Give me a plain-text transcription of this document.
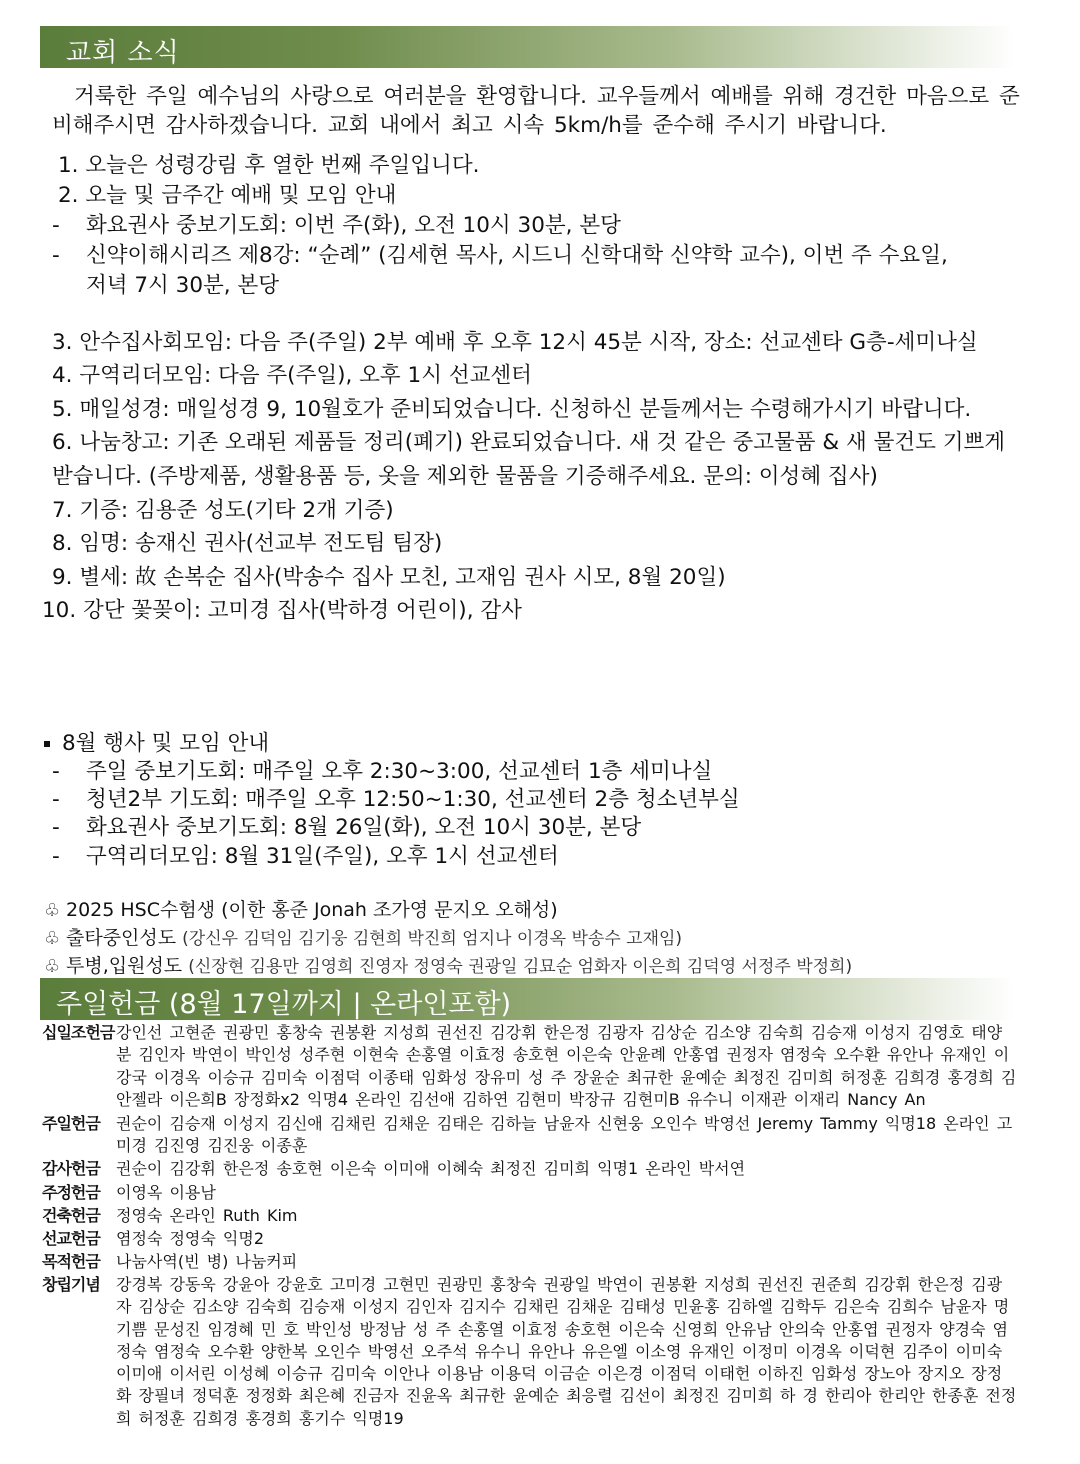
교회 소식
거룩한 주일 예수님의 사랑으로 여러분을 환영합니다. 교우들께서 예배를 위해 경건한 마음으로 준비해주시면 감사하겠습니다. 교회 내에서 최고 시속 5km/h를 준수해 주시기 바랍니다.
1. 오늘은 성령강림 후 열한 번째 주일입니다.
2. 오늘 및 금주간 예배 및 모임 안내
- 화요권사 중보기도회: 이번 주(화), 오전 10시 30분, 본당
- 신약이해시리즈 제8강: “순례” (김세현 목사, 시드니 신학대학 신약학 교수), 이번 주 수요일,
저녁 7시 30분, 본당
3. 안수집사회모임: 다음 주(주일) 2부 예배 후 오후 12시 45분 시작, 장소: 선교센타 G층-세미나실
4. 구역리더모임: 다음 주(주일), 오후 1시 선교센터
5. 매일성경: 매일성경 9, 10월호가 준비되었습니다. 신청하신 분들께서는 수령해가시기 바랍니다.
6. 나눔창고: 기존 오래된 제품들 정리(폐기) 완료되었습니다. 새 것 같은 중고물품 & 새 물건도 기쁘게
받습니다. (주방제품, 생활용품 등, 옷을 제외한 물품을 기증해주세요. 문의: 이성혜 집사)
7. 기증: 김용준 성도(기타 2개 기증)
8. 임명: 송재신 권사(선교부 전도팀 팀장)
9. 별세: 故 손복순 집사(박송수 집사 모친, 고재임 권사 시모, 8월 20일)
10. 강단 꽃꽂이: 고미경 집사(박하경 어린이), 감사
8월 행사 및 모임 안내
- 주일 중보기도회: 매주일 오후 2:30~3:00, 선교센터 1층 세미나실
- 청년2부 기도회: 매주일 오후 12:50~1:30, 선교센터 2층 청소년부실
- 화요권사 중보기도회: 8월 26일(화), 오전 10시 30분, 본당
- 구역리더모임: 8월 31일(주일), 오후 1시 선교센터
♧ 2025 HSC수험생 (이한 홍준 Jonah 조가영 문지오 오해성)
♧ 출타중인성도 (강신우 김덕임 김기웅 김현희 박진희 엄지나 이경옥 박송수 고재임)
♧ 투병,입원성도 (신장현 김용만 김영희 진영자 정영숙 권광일 김묘순 엄화자 이은희 김덕영 서정주 박정희)
주일헌금 (8월 17일까지 | 온라인포함)
십일조헌금 강인선 고현준 권광민 홍창숙 권봉환 지성희 권선진 김강휘 한은정 김광자 김상순 김소양 김숙희 김승재 이성지 김영호 태양분 김인자 박연이 박인성 성주현 이현숙 손홍열 이효정 송호현 이은숙 안윤례 안홍엽 권정자 염정숙 오수환 유안나 유재인 이강국 이경옥 이승규 김미숙 이점덕 이종태 임화성 장유미 성 주 장윤순 최규한 윤예순 최정진 김미희 허정훈 김희경 홍경희 김안젤라 이은희B 장정화x2 익명4 온라인 김선애 김하연 김현미 박장규 김현미B 유수니 이재관 이재리 Nancy An
주일헌금	권순이 김승재 이성지 김신애 김채린 김채운 김태은 김하늘 남윤자 신현웅 오인수 박영선 Jeremy Tammy 익명18 온라인 고미경 김진영 김진웅 이종훈
감사헌금	권순이 김강휘 한은정 송호현 이은숙 이미애 이혜숙 최정진 김미희 익명1 온라인 박서연
주정헌금	이영옥 이용남
건축헌금	정영숙 온라인 Ruth Kim
선교헌금	염정숙 정영숙 익명2
목적헌금	나눔사역(빈 병) 나눔커피
창립기념	강경복 강동욱 강윤아 강윤호 고미경 고현민 권광민 홍창숙 권광일 박연이 권봉환 지성희 권선진 권준희 김강휘 한은정 김광자 김상순 김소양 김숙희 김승재 이성지 김인자 김지수 김채린 김채운 김태성 민윤홍 김하엘 김학두 김은숙 김희수 남윤자 명기쁨 문성진 임경혜 민 호 박인성 방정남 성 주 손홍열 이효정 송호현 이은숙 신영희 안유남 안의숙 안홍엽 권정자 양경숙 염정숙 염정숙 오수환 양한복 오인수 박영선 오주석 유수니 유안나 유은엘 이소영 유재인 이정미 이경옥 이덕현 김주이 이미숙 이미애 이서린 이성혜 이승규 김미숙 이안나 이용남 이용덕 이금순 이은경 이점덕 이태헌 이하진 임화성 장노아 장지오 장정화 장필녀 정덕훈 정정화 최은혜 진금자 진윤옥 최규한 윤예순 최응렬 김선이 최정진 김미희 하 경 한리아 한리안 한종훈 전정희 허정훈 김희경 홍경희 홍기수 익명19
